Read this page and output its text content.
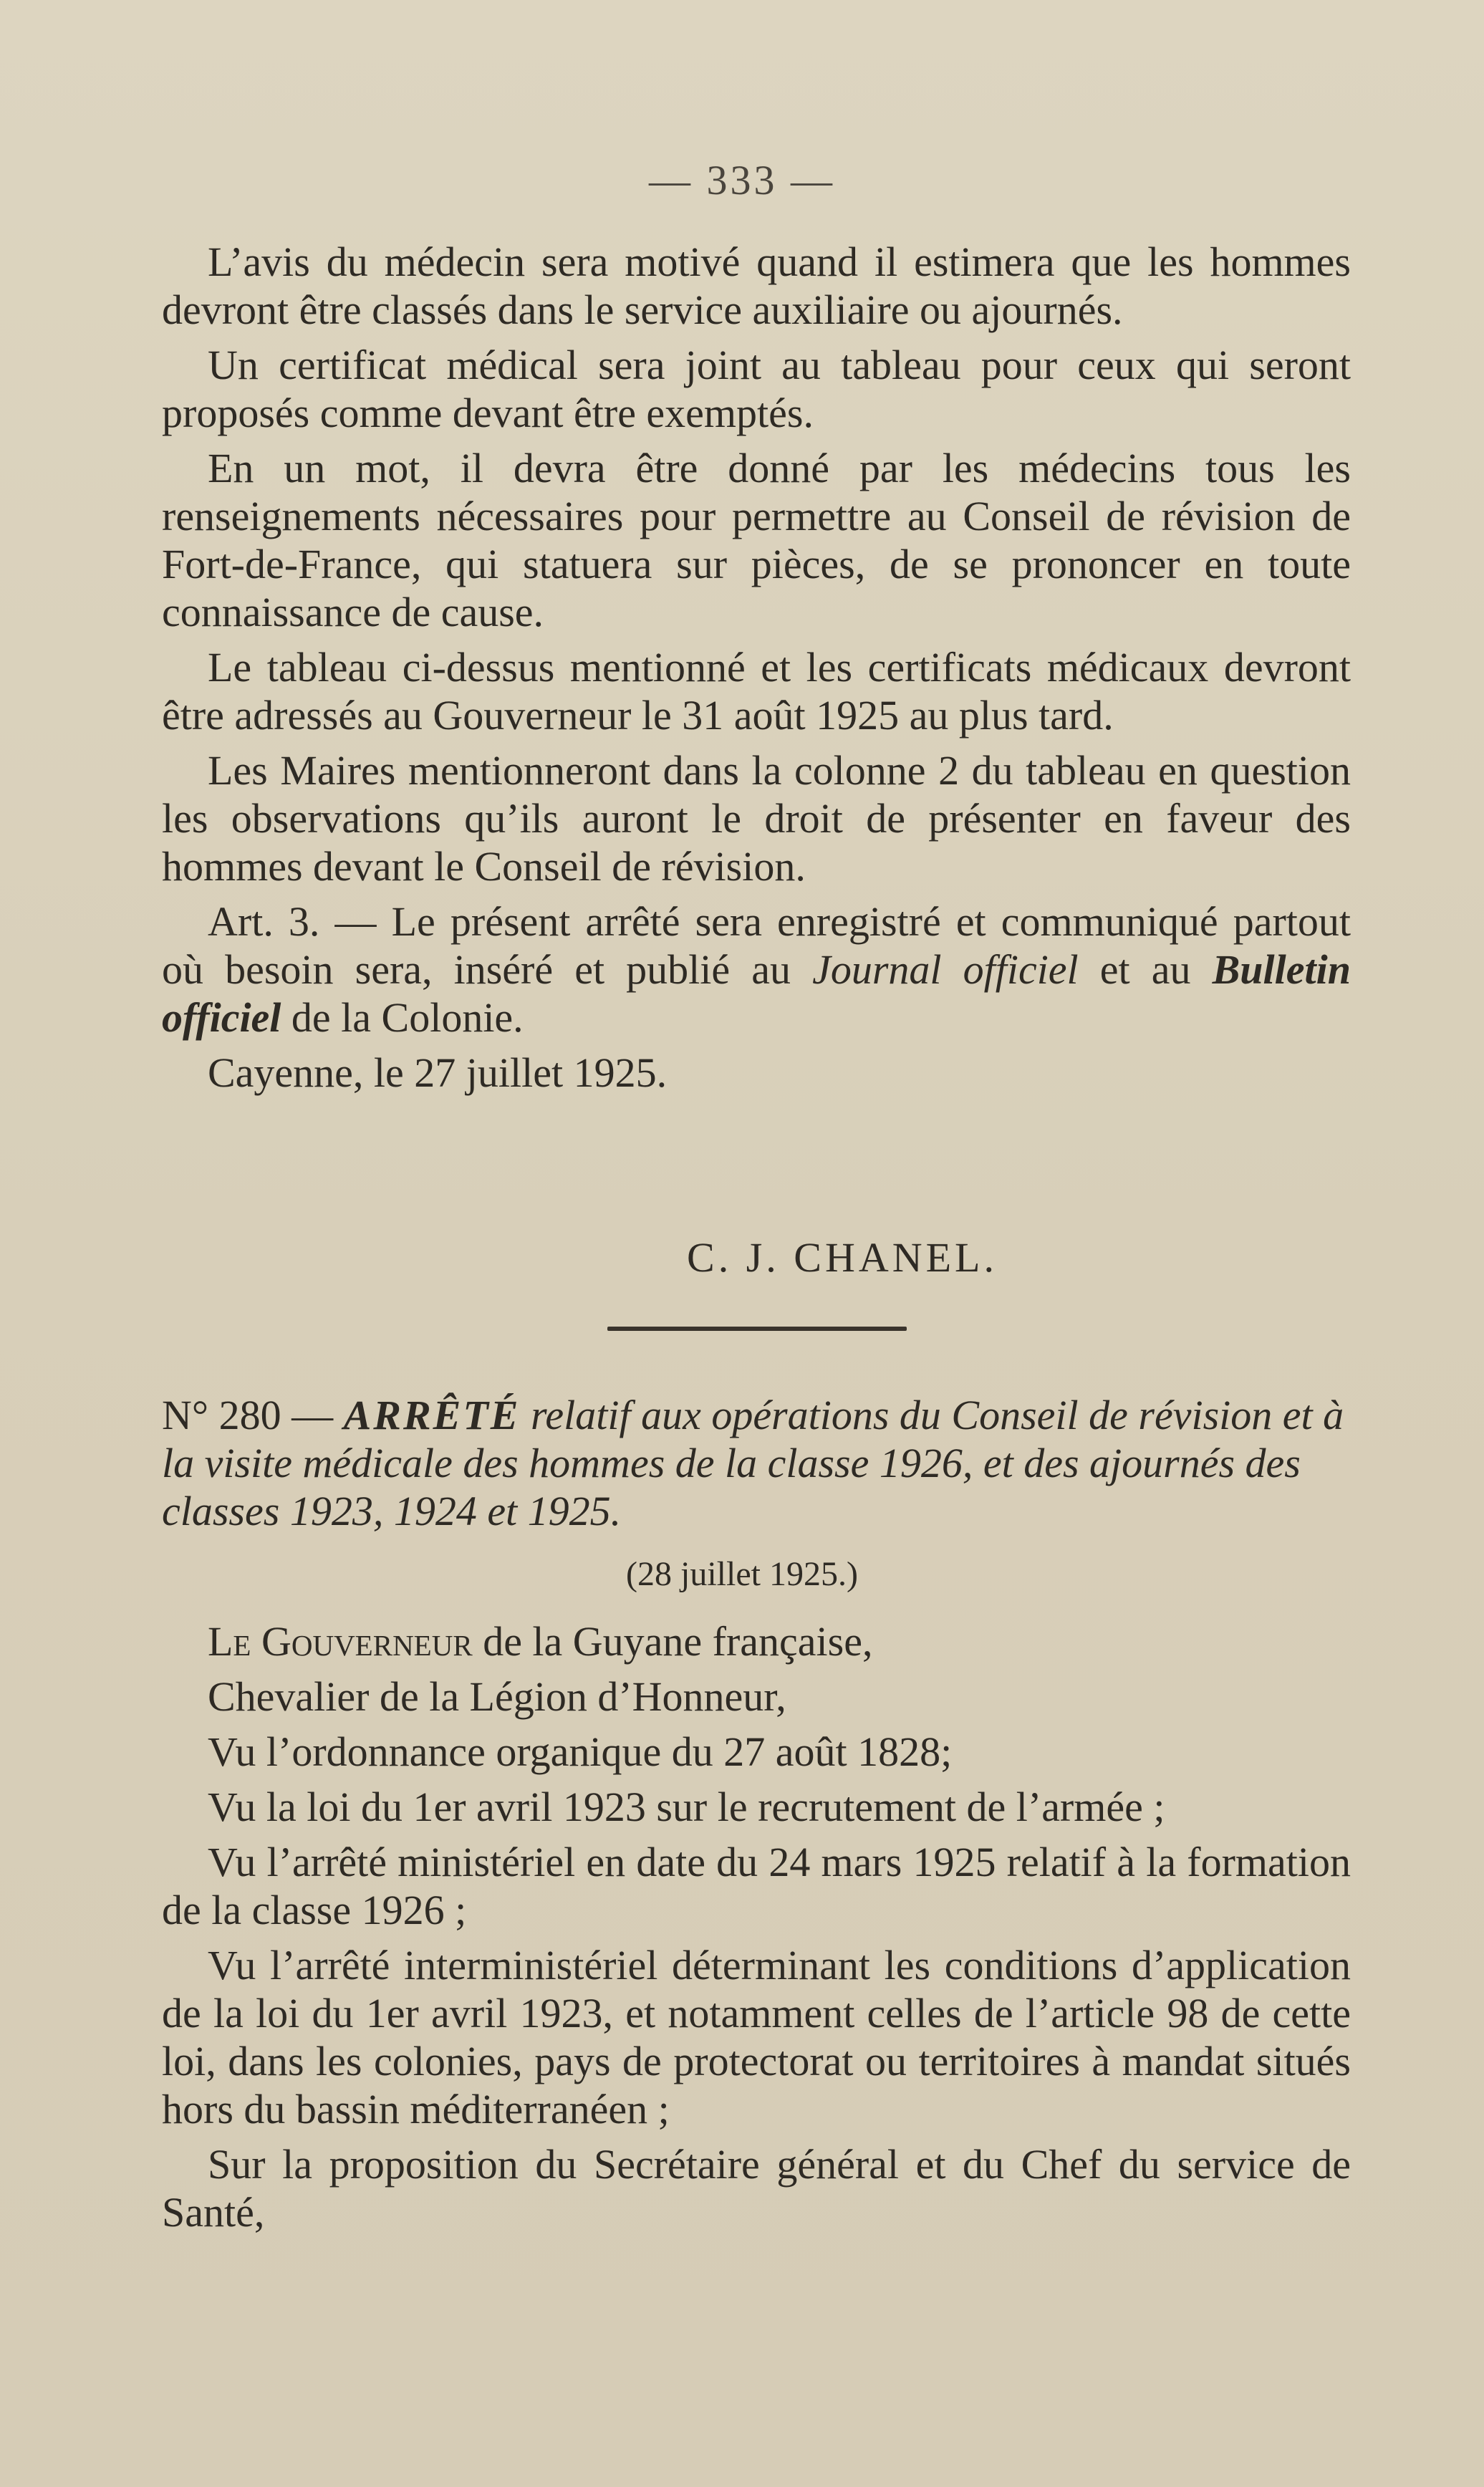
— 333 —

L’avis du médecin sera motivé quand il estimera que les hommes devront être classés dans le service auxiliaire ou ajournés.

Un certificat médical sera joint au tableau pour ceux qui seront proposés comme devant être exemptés.

En un mot, il devra être donné par les médecins tous les renseignements nécessaires pour permettre au Conseil de révision de Fort-de-France, qui statuera sur pièces, de se prononcer en toute connaissance de cause.

Le tableau ci-dessus mentionné et les certificats médicaux devront être adressés au Gouverneur le 31 août 1925 au plus tard.

Les Maires mentionneront dans la colonne 2 du tableau en question les observations qu’ils auront le droit de présenter en faveur des hommes devant le Conseil de révision.

Art. 3. — Le présent arrêté sera enregistré et communiqué partout où besoin sera, inséré et publié au Journal officiel et au Bulletin officiel de la Colonie.

Cayenne, le 27 juillet 1925.

C. J. CHANEL.
N° 280 — ARRÊTÉ relatif aux opérations du Conseil de révision et à la visite médicale des hommes de la classe 1926, et des ajournés des classes 1923, 1924 et 1925.
(28 juillet 1925.)

Le Gouverneur de la Guyane française,

Chevalier de la Légion d’Honneur,

Vu l’ordonnance organique du 27 août 1828;

Vu la loi du 1er avril 1923 sur le recrutement de l’armée ;

Vu l’arrêté ministériel en date du 24 mars 1925 relatif à la formation de la classe 1926 ;

Vu l’arrêté interministériel déterminant les conditions d’application de la loi du 1er avril 1923, et notamment celles de l’article 98 de cette loi, dans les colonies, pays de protectorat ou territoires à mandat situés hors du bassin méditerranéen ;

Sur la proposition du Secrétaire général et du Chef du service de Santé,
